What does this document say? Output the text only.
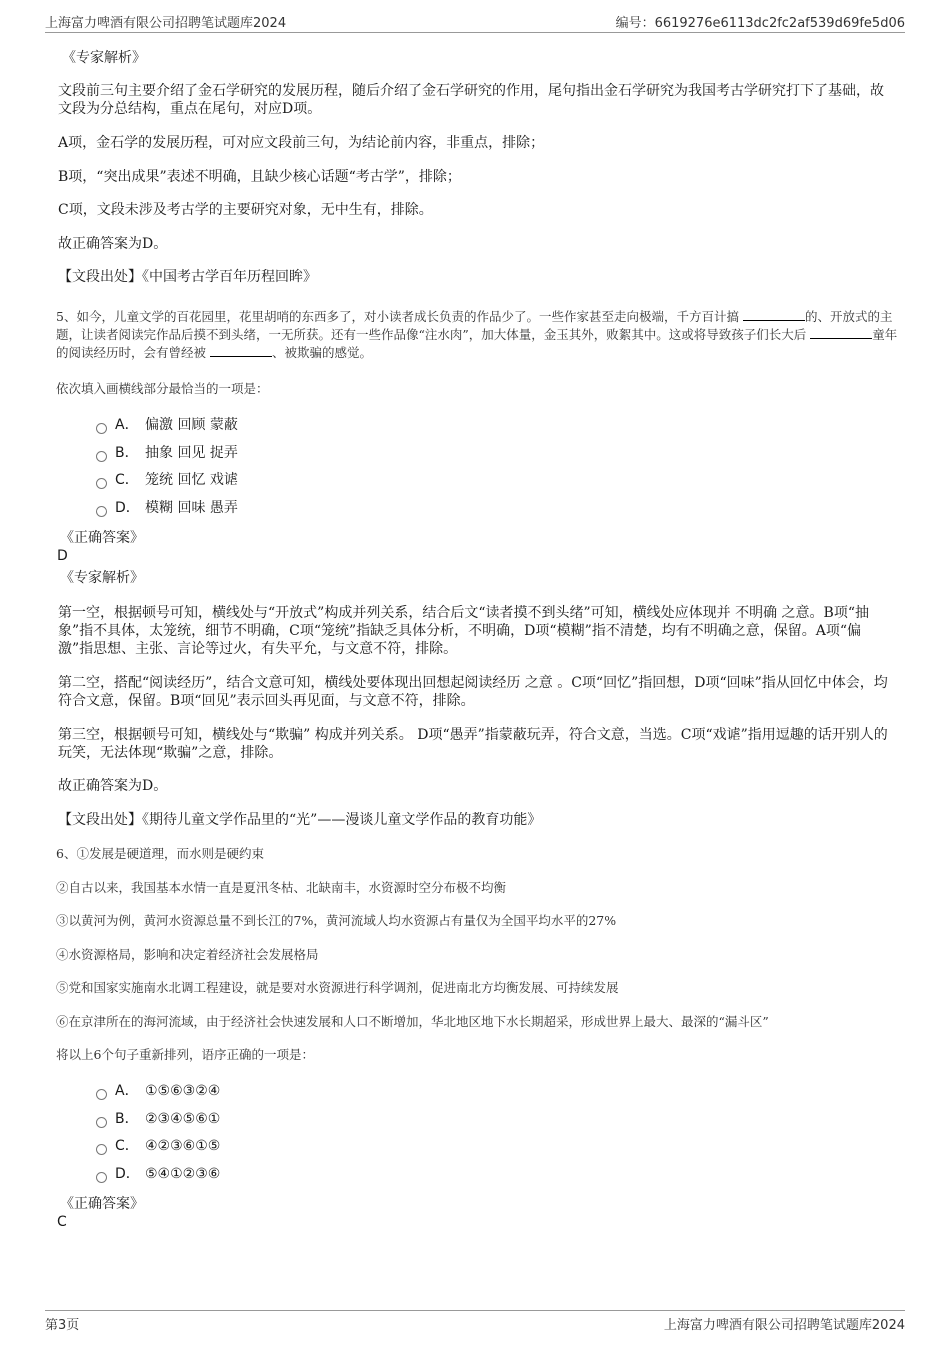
上海富力啤酒有限公司招聘笔试题库2024	编号：6619276e6113dc2fc2af539d69fe5d06
《专家解析》

文段前三句主要介绍了金石学研究的发展历程，随后介绍了金石学研究的作用，尾句指出金石学研究为我国考古学研究打下了基础，故文段为分总结构，重点在尾句，对应D项。

A项，金石学的发展历程，可对应文段前三句，为结论前内容，非重点，排除；

B项，“突出成果”表述不明确，且缺少核心话题“考古学”，排除；

C项，文段未涉及考古学的主要研究对象，无中生有，排除。

故正确答案为D。

【文段出处】《中国考古学百年历程回眸》

5、如今，儿童文学的百花园里，花里胡哨的东西多了，对小读者成长负责的作品少了。一些作家甚至走向极端，千方百计搞	的、开放式的主题，让读者阅读完作品后摸不到头绪，一无所获。还有一些作品像“注水肉”，加大体量，金玉其外，败絮其中。这或将导致孩子们长大后	童年的阅读经历时，会有曾经被	、被欺骗的感觉。

依次填入画横线部分最恰当的一项是：

A． 偏激 回顾 蒙蔽
B． 抽象 回见 捉弄
C． 笼统 回忆 戏谑
D． 模糊 回味 愚弄
《正确答案》
D
《专家解析》

第一空，根据顿号可知，横线处与“开放式”构成并列关系，结合后文“读者摸不到头绪”可知，横线处应体现并 不明确 之意。B项“抽象”指不具体，太笼统，细节不明确，C项“笼统”指缺乏具体分析，不明确，D项“模糊”指不清楚，均有不明确之意，保留。A项“偏激”指思想、主张、言论等过火，有失平允，与文意不符，排除。

第二空，搭配“阅读经历”，结合文意可知，横线处要体现出回想起阅读经历 之意 。C项“回忆”指回想，D项“回味”指从回忆中体会，均符合文意，保留。B项“回见”表示回头再见面，与文意不符，排除。

第三空，根据顿号可知，横线处与“欺骗” 构成并列关系。 D项“愚弄”指蒙蔽玩弄，符合文意，当选。C项“戏谑”指用逗趣的话开别人的玩笑，无法体现“欺骗”之意，排除。

故正确答案为D。

【文段出处】《期待儿童文学作品里的“光”——漫谈儿童文学作品的教育功能》

6、①发展是硬道理，而水则是硬约束

②自古以来，我国基本水情一直是夏汛冬枯、北缺南丰，水资源时空分布极不均衡

③以黄河为例，黄河水资源总量不到长江的7%，黄河流域人均水资源占有量仅为全国平均水平的27%

④水资源格局，影响和决定着经济社会发展格局

⑤党和国家实施南水北调工程建设，就是要对水资源进行科学调剂，促进南北方均衡发展、可持续发展

⑥在京津所在的海河流域，由于经济社会快速发展和人口不断增加，华北地区地下水长期超采，形成世界上最大、最深的“漏斗区”

将以上6个句子重新排列，语序正确的一项是：

A． ①⑤⑥③②④
B． ②③④⑤⑥①
C． ④②③⑥①⑤
D． ⑤④①②③⑥
《正确答案》
C
第3页	上海富力啤酒有限公司招聘笔试题库2024
